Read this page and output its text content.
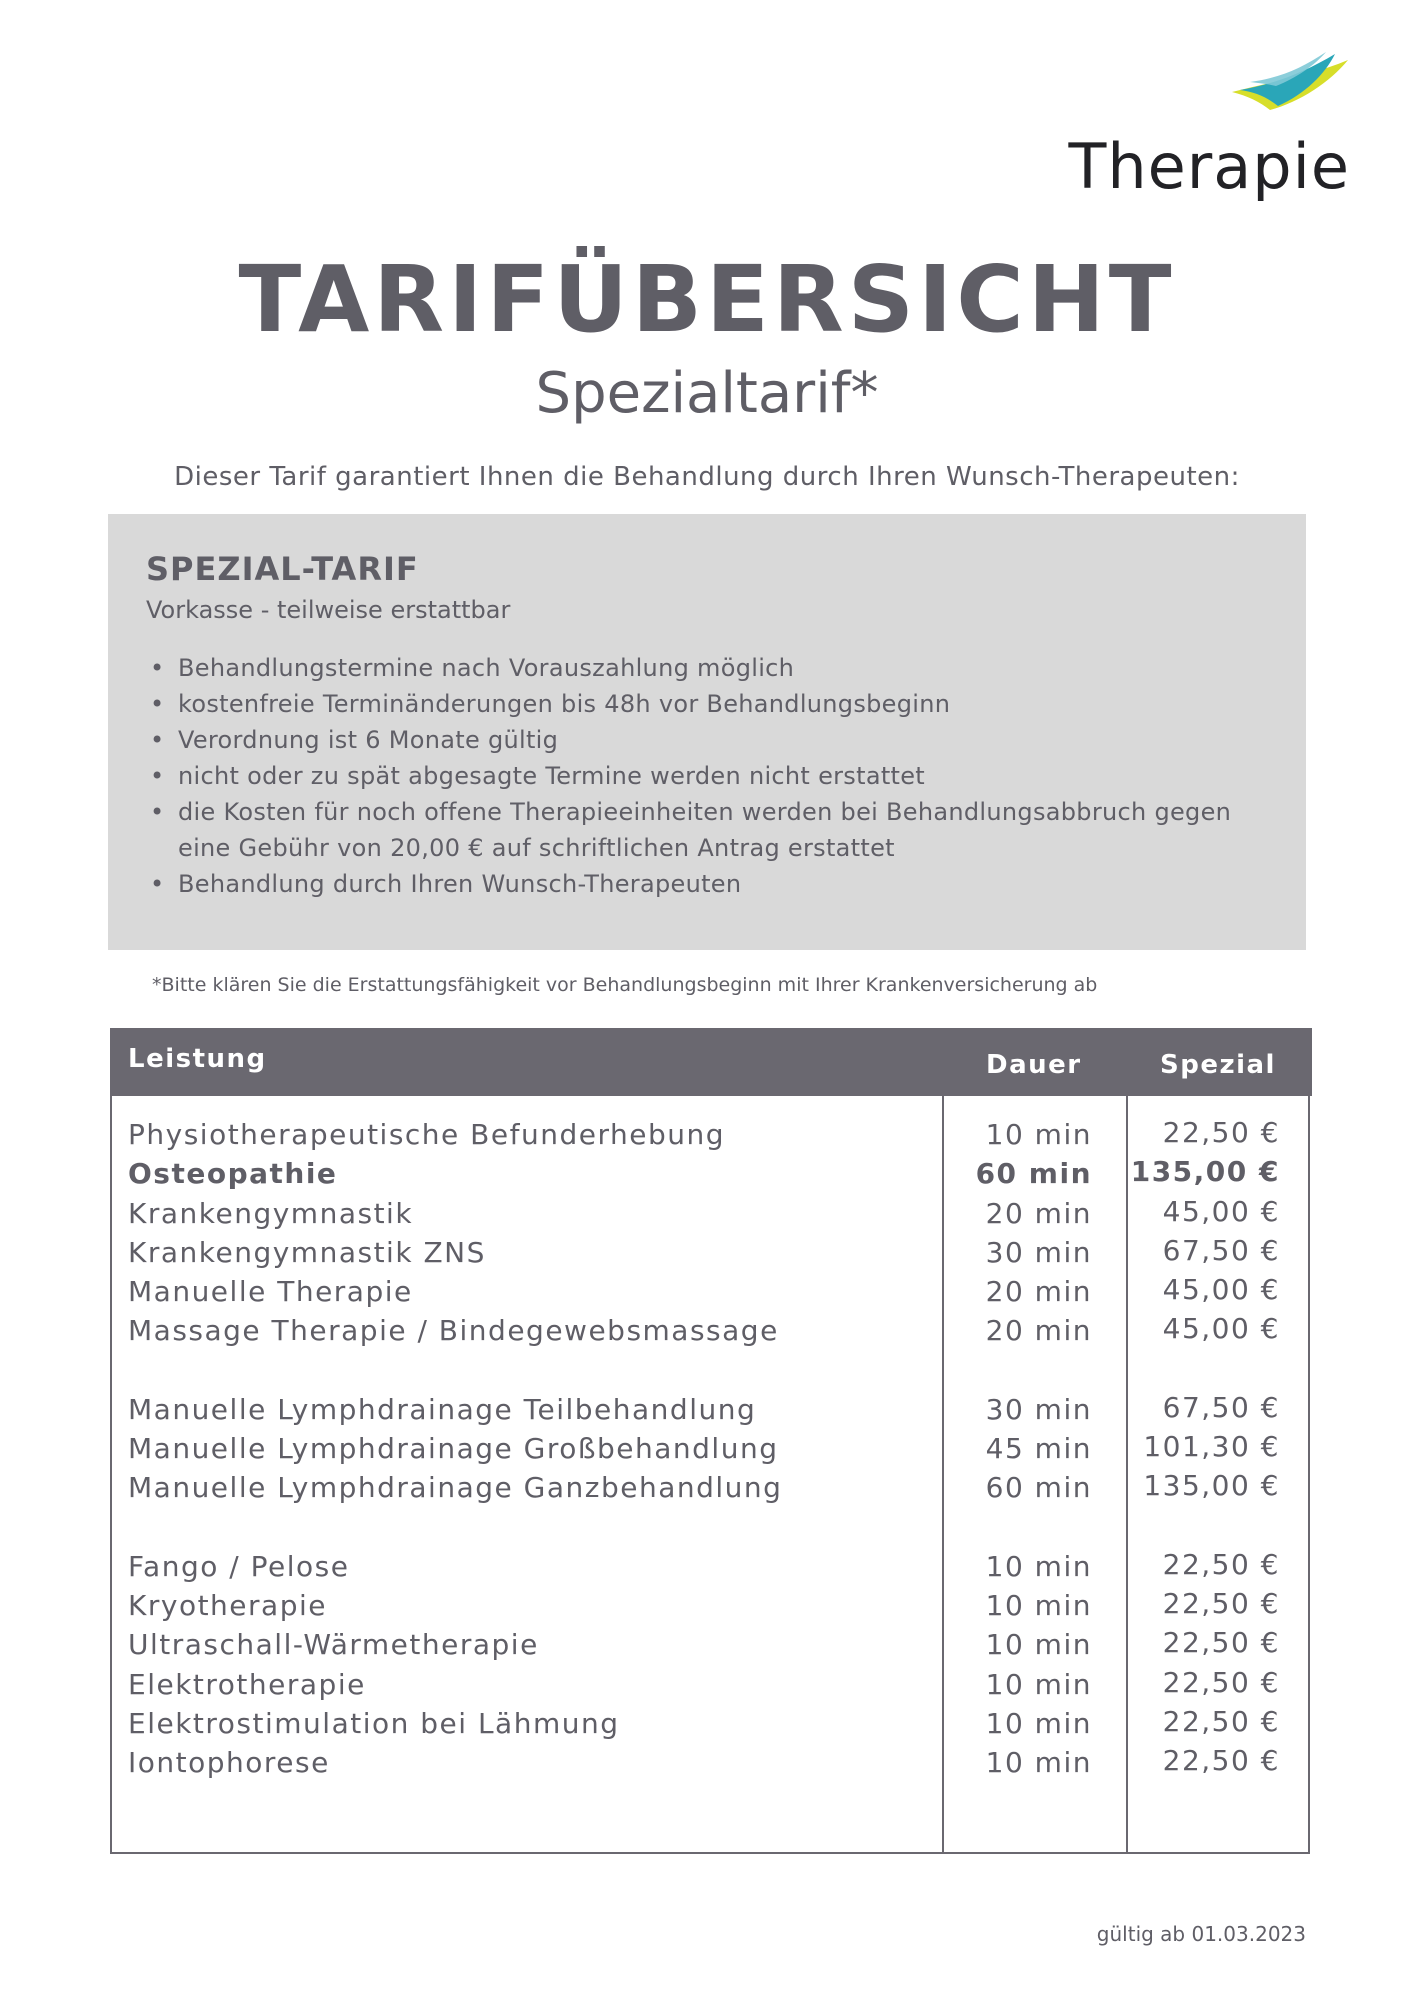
Therapie
TARIFÜBERSICHT
Spezialtarif*
Dieser Tarif garantiert Ihnen die Behandlung durch Ihren Wunsch-Therapeuten:
SPEZIAL-TARIF
Vorkasse - teilweise erstattbar
• Behandlungstermine nach Vorauszahlung möglich
• kostenfreie Terminänderungen bis 48h vor Behandlungsbeginn
• Verordnung ist 6 Monate gültig
• nicht oder zu spät abgesagte Termine werden nicht erstattet
• die Kosten für noch offene Therapieeinheiten werden bei Behandlungsabbruch gegen eine Gebühr von 20,00 € auf schriftlichen Antrag erstattet
• Behandlung durch Ihren Wunsch-Therapeuten
*Bitte klären Sie die Erstattungsfähigkeit vor Behandlungsbeginn mit Ihrer Krankenversicherung ab
Leistung	Dauer	Spezial
Physiotherapeutische Befunderhebung	10 min	22,50 €
Osteopathie	60 min 135,00 €
Krankengymnastik	20 min	45,00 €
Krankengymnastik ZNS	30 min	67,50 €
Manuelle Therapie	20 min	45,00 €
Massage Therapie / Bindegewebsmassage	20 min	45,00 €
Manuelle Lymphdrainage Teilbehandlung	30 min	67,50 €
Manuelle Lymphdrainage Großbehandlung	45 min 101,30 €
Manuelle Lymphdrainage Ganzbehandlung	60 min 135,00 €
Fango / Pelose	10 min	22,50 €
Kryotherapie	10 min	22,50 €
Ultraschall-Wärmetherapie	10 min	22,50 €
Elektrotherapie	10 min	22,50 €
Elektrostimulation bei Lähmung	10 min	22,50 €
Iontophorese	10 min	22,50 €
gültig ab 01.03.2023
